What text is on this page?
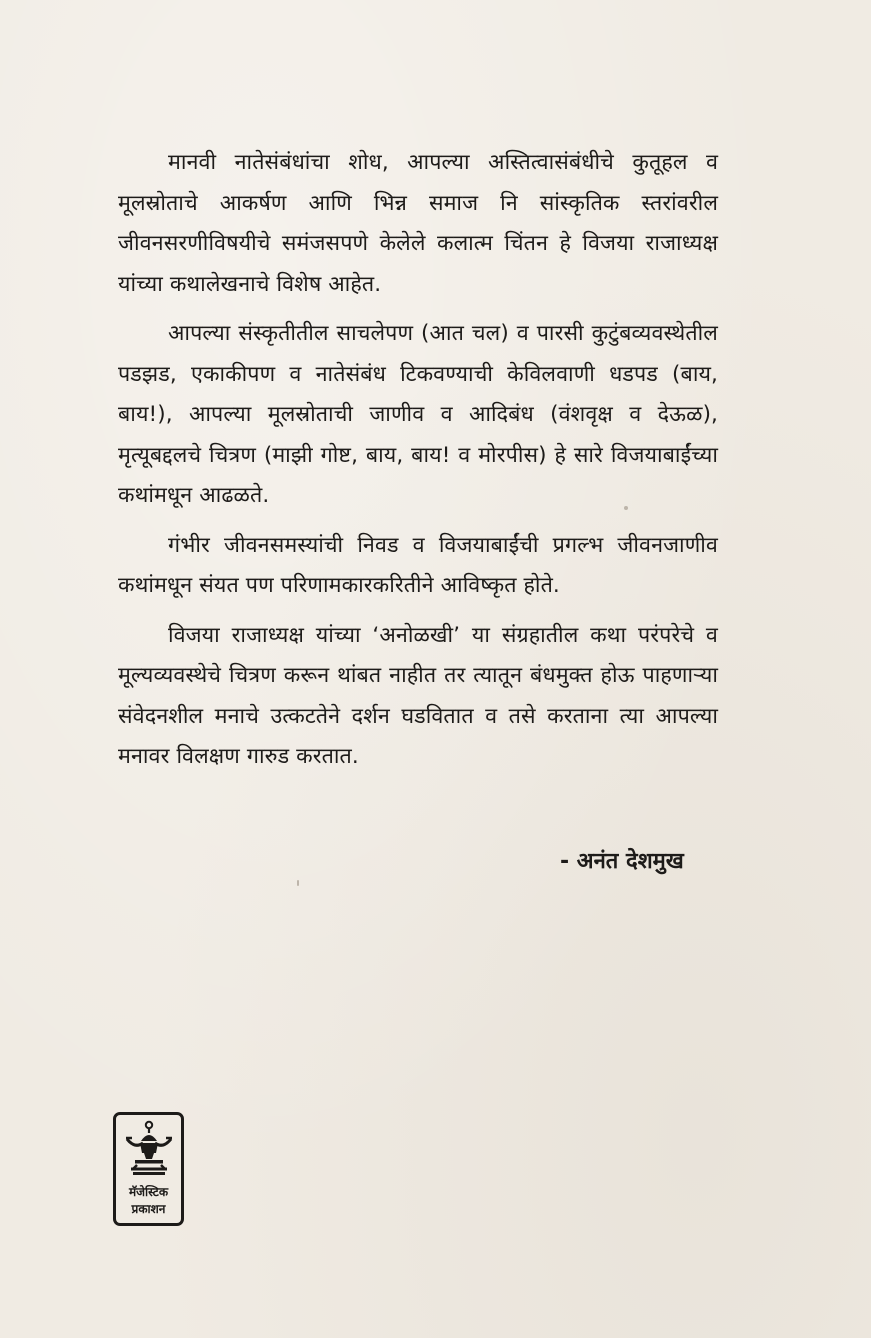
मानवी नातेसंबंधांचा शोध, आपल्या अस्तित्वासंबंधीचे कुतूहल व मूलस्रोताचे आकर्षण आणि भिन्न समाज नि सांस्कृतिक स्तरांवरील जीवनसरणीविषयीचे समंजसपणे केलेले कलात्म चिंतन हे विजया राजाध्यक्ष यांच्या कथालेखनाचे विशेष आहेत.

आपल्या संस्कृतीतील साचलेपण (आत चल) व पारसी कुटुंबव्यवस्थेतील पडझड, एकाकीपण व नातेसंबंध टिकवण्याची केविलवाणी धडपड (बाय, बाय!), आपल्या मूलस्रोताची जाणीव व आदिबंध (वंशवृक्ष व देऊळ), मृत्यूबद्दलचे चित्रण (माझी गोष्ट, बाय, बाय! व मोरपीस) हे सारे विजयाबाईंच्या कथांमधून आढळते.

गंभीर जीवनसमस्यांची निवड व विजयाबाईंची प्रगल्भ जीवनजाणीव कथांमधून संयत पण परिणामकारकरितीने आविष्कृत होते.

विजया राजाध्यक्ष यांच्या ‘अनोळखी’ या संग्रहातील कथा परंपरेचे व मूल्यव्यवस्थेचे चित्रण करून थांबत नाहीत तर त्यातून बंधमुक्त होऊ पाहणाऱ्या संवेदनशील मनाचे उत्कटतेने दर्शन घडवितात व तसे करताना त्या आपल्या मनावर विलक्षण गारुड करतात.

- अनंत देशमुख
मॅजेस्टिक
प्रकाशन
